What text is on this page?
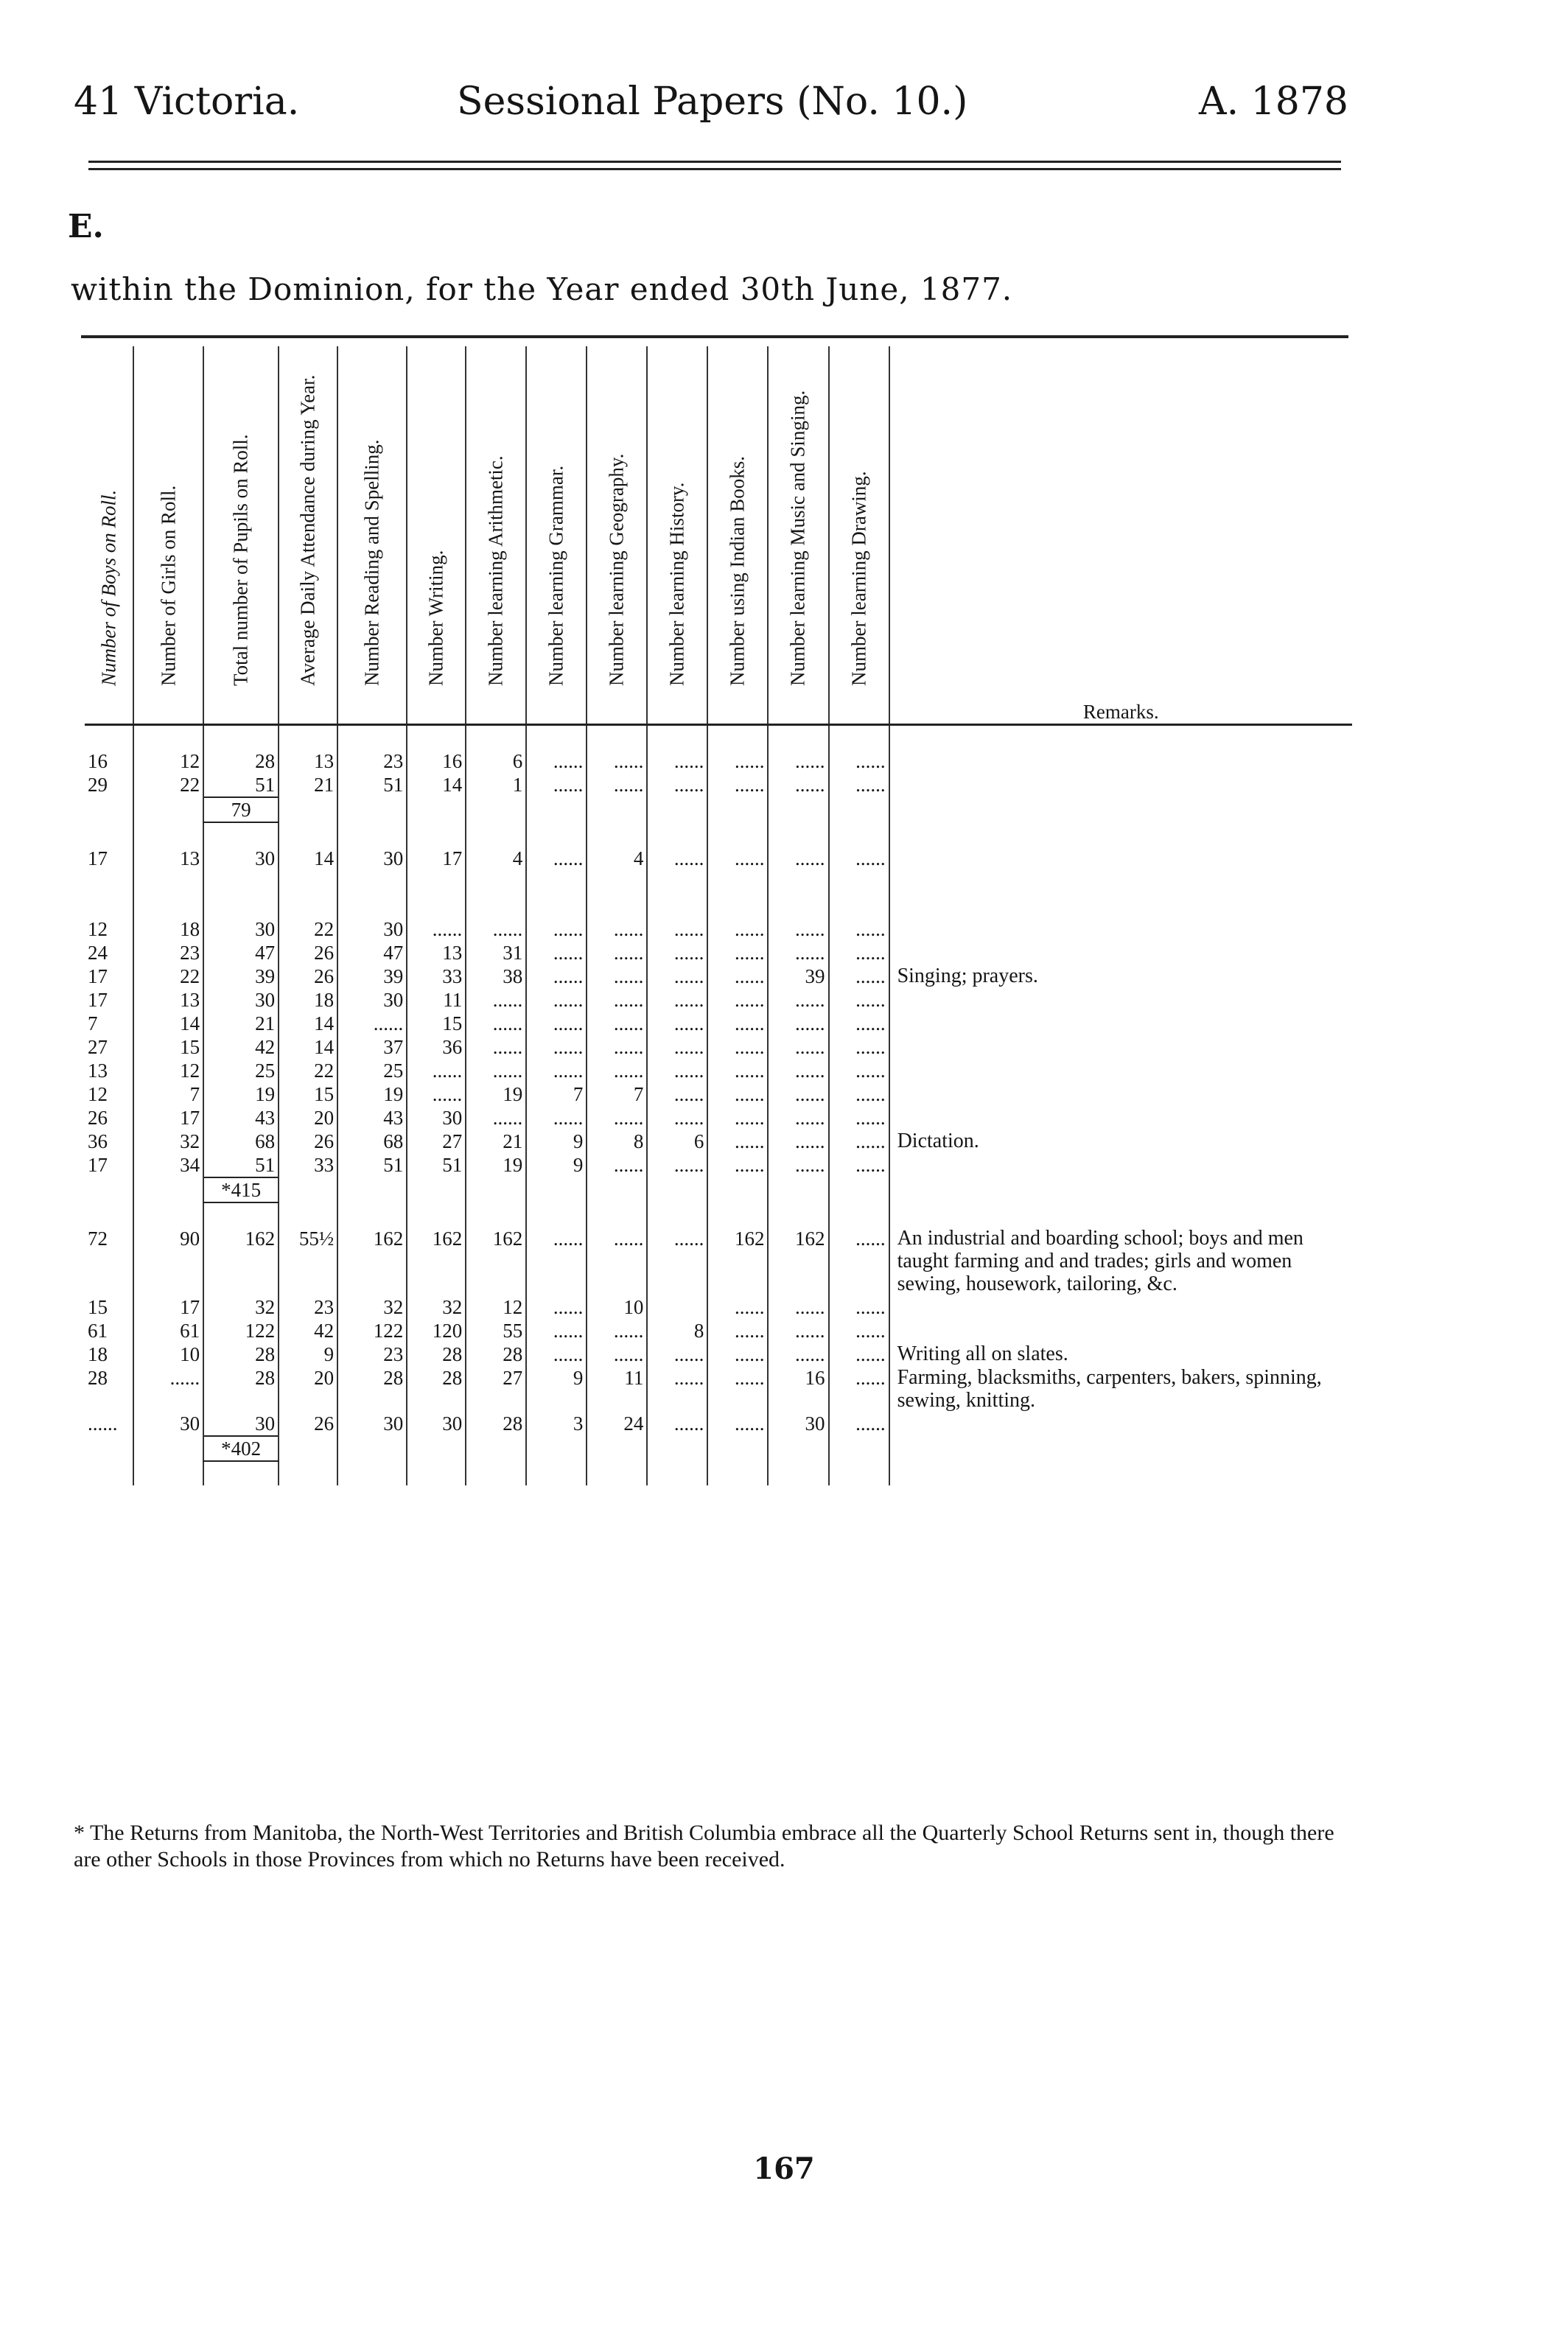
41 Victoria.	Sessional Papers (No. 10.)	A. 1878
E.
within the Dominion, for the Year ended 30th June, 1877.
Number of Boys on Roll.	Number of Girls on Roll.	Total number of Pupils on Roll.	Average Daily Attendance during Year.	Number Reading and Spelling.	Number Writing.	Number learning Arithmetic.	Number learning Grammar.	Number learning Geography.	Number learning History.	Number using Indian Books.	Number learning Music and Singing.	Number learning Drawing.	Remarks.

16	12	28	13	23	16	6	......	......	......	......	......	......	
29	22	51	21	51	14	1	......	......	......	......	......	......	
		79											

17	13	30	14	30	17	4	......	4	......	......	......	......	

12	18	30	22	30	......	......	......	......	......	......	......	......	
24	23	47	26	47	13	31	......	......	......	......	......	......	
17	22	39	26	39	33	38	......	......	......	......	39	......	Singing; prayers.
17	13	30	18	30	11	......	......	......	......	......	......	......	
7	14	21	14	......	15	......	......	......	......	......	......	......	
27	15	42	14	37	36	......	......	......	......	......	......	......	
13	12	25	22	25	......	......	......	......	......	......	......	......	
12	7	19	15	19	......	19	7	7	......	......	......	......	
26	17	43	20	43	30	......	......	......	......	......	......	......	
36	32	68	26	68	27	21	9	8	6	......	......	......	Dictation.
17	34	51	33	51	51	19	9	......	......	......	......	......	
		*415											

72	90	162	55½	162	162	162	......	......	......	162	162	......	An industrial and boarding school; boys and men taught farming and and trades; girls and women sewing, housework, tailoring, &c.
15	17	32	23	32	32	12	......	10		......	......	......	
61	61	122	42	122	120	55	......	......	8	......	......	......	
18	10	28	9	23	28	28	......	......	......	......	......	......	Writing all on slates.
28	......	28	20	28	28	27	9	11	......	......	16	......	Farming, blacksmiths, carpenters, bakers, spinning, sewing, knitting.
......	30	30	26	30	30	28	3	24	......	......	30	......	
		*402											

* The Returns from Manitoba, the North-West Territories and British Columbia embrace all the Quarterly School Returns sent in, though there are other Schools in those Provinces from which no Returns have been received.
167
